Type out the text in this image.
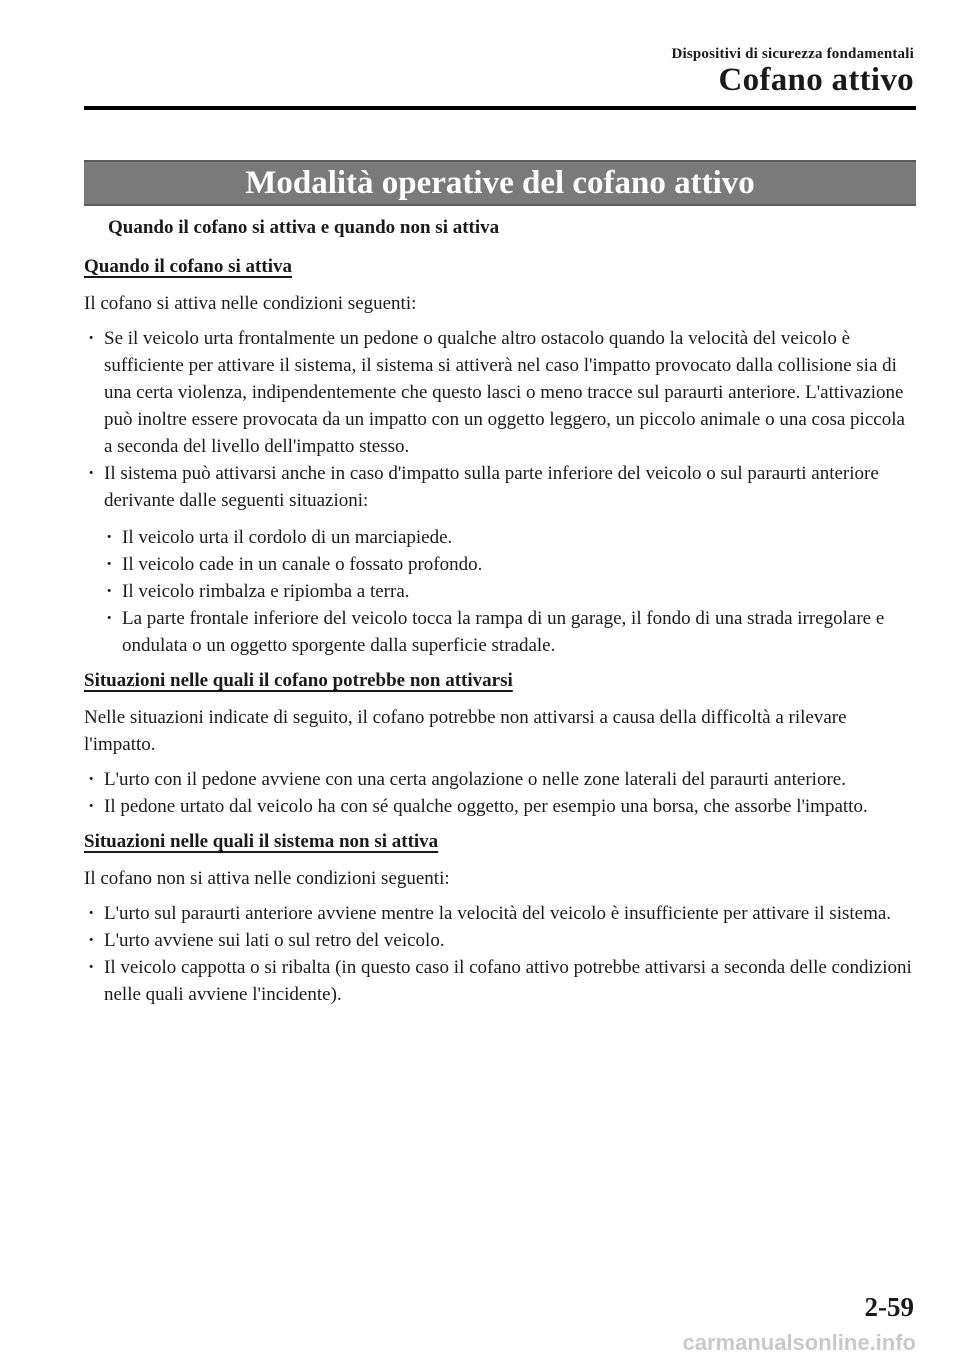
Dispositivi di sicurezza fondamentali
Cofano attivo
Modalità operative del cofano attivo
Quando il cofano si attiva e quando non si attiva
Quando il cofano si attiva

Il cofano si attiva nelle condizioni seguenti:

· Se il veicolo urta frontalmente un pedone o qualche altro ostacolo quando la velocità del veicolo è sufficiente per attivare il sistema, il sistema si attiverà nel caso l'impatto provocato dalla collisione sia di una certa violenza, indipendentemente che questo lasci o meno tracce sul paraurti anteriore. L'attivazione può inoltre essere provocata da un impatto con un oggetto leggero, un piccolo animale o una cosa piccola a seconda del livello dell'impatto stesso.
· Il sistema può attivarsi anche in caso d'impatto sulla parte inferiore del veicolo o sul paraurti anteriore derivante dalle seguenti situazioni:
· Il veicolo urta il cordolo di un marciapiede.
· Il veicolo cade in un canale o fossato profondo.
· Il veicolo rimbalza e ripiomba a terra.
· La parte frontale inferiore del veicolo tocca la rampa di un garage, il fondo di una strada irregolare e ondulata o un oggetto sporgente dalla superficie stradale.
Situazioni nelle quali il cofano potrebbe non attivarsi

Nelle situazioni indicate di seguito, il cofano potrebbe non attivarsi a causa della difficoltà a rilevare l'impatto.

· L'urto con il pedone avviene con una certa angolazione o nelle zone laterali del paraurti anteriore.
· Il pedone urtato dal veicolo ha con sé qualche oggetto, per esempio una borsa, che assorbe l'impatto.
Situazioni nelle quali il sistema non si attiva

Il cofano non si attiva nelle condizioni seguenti:

· L'urto sul paraurti anteriore avviene mentre la velocità del veicolo è insufficiente per attivare il sistema.
· L'urto avviene sui lati o sul retro del veicolo.
· Il veicolo cappotta o si ribalta (in questo caso il cofano attivo potrebbe attivarsi a seconda delle condizioni nelle quali avviene l'incidente).
2-59
carmanualsonline.info
